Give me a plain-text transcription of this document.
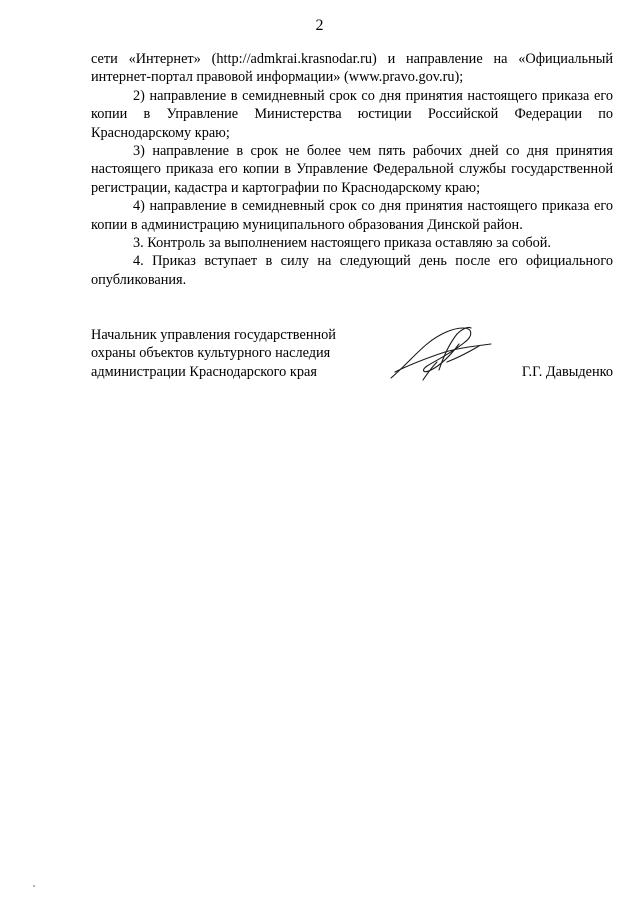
2

сети «Интернет» (http://admkrai.krasnodar.ru) и направление на «Официальный интернет-портал правовой информации» (www.pravo.gov.ru);

2) направление в семидневный срок со дня принятия настоящего приказа его копии в Управление Министерства юстиции Российской Федерации по Краснодарскому краю;

3) направление в срок не более чем пять рабочих дней со дня принятия настоящего приказа его копии в Управление Федеральной службы государственной регистрации, кадастра и картографии по Краснодарскому краю;

4) направление в семидневный срок со дня принятия настоящего приказа его копии в администрацию муниципального образования Динской район.

3. Контроль за выполнением настоящего приказа оставляю за собой.

4. Приказ вступает в силу на следующий день после его официального опубликования.

Начальник управления государственной
охраны объектов культурного наследия
администрации Краснодарского края	Г.Г. Давыденко
